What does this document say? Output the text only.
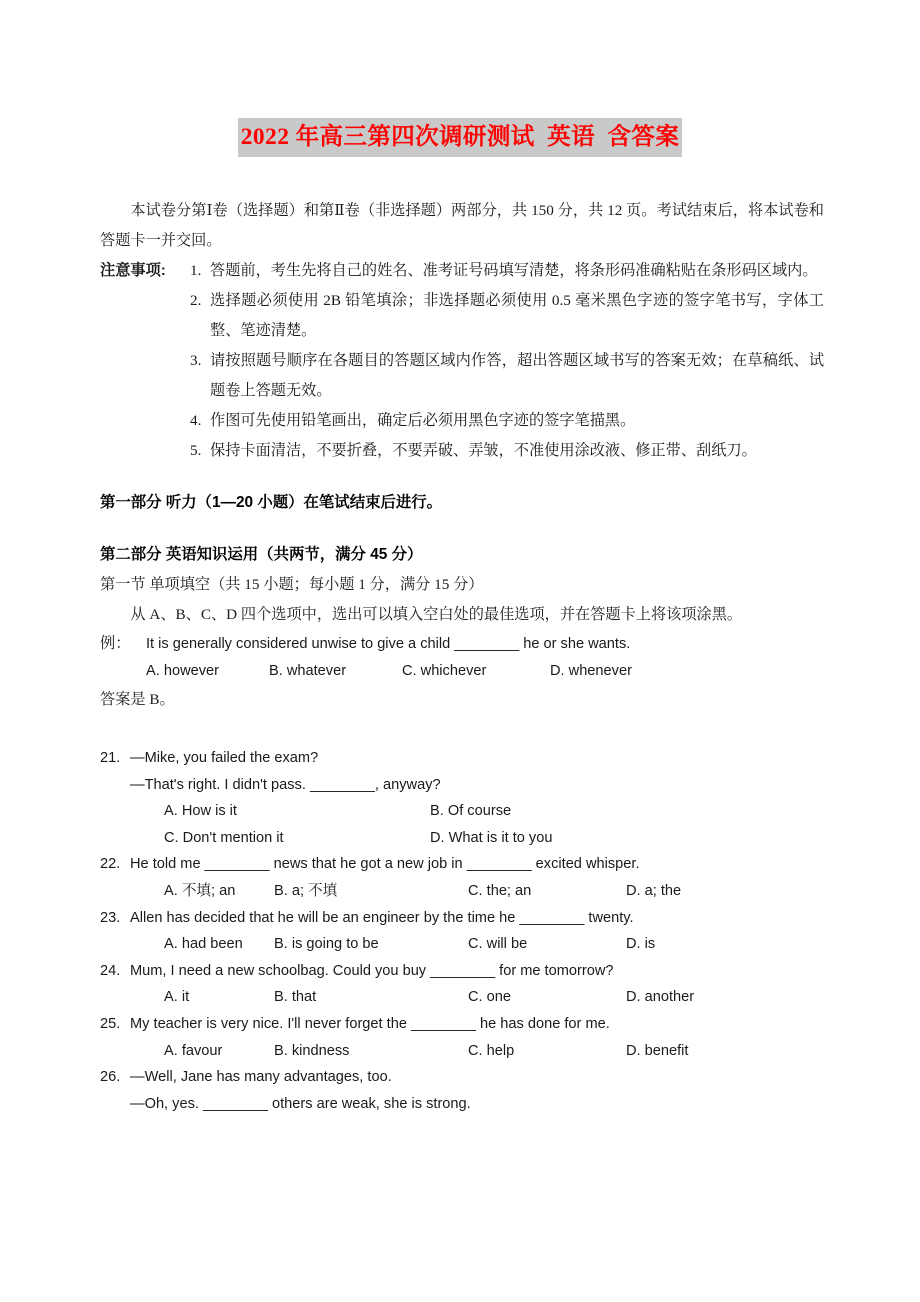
2022 年高三第四次调研测试  英语  含答案
本试卷分第Ⅰ卷（选择题）和第Ⅱ卷（非选择题）两部分，共 150 分，共 12 页。考试结束后，将本试卷和答题卡一并交回。
注意事项:	1. 答题前，考生先将自己的姓名、准考证号码填写清楚，将条形码准确粘贴在条形码区域内。
2. 选择题必须使用 2B 铅笔填涂；非选择题必须使用 0.5 毫米黑色字迹的签字笔书写，字体工整、笔迹清楚。
3. 请按照题号顺序在各题目的答题区域内作答，超出答题区域书写的答案无效；在草稿纸、试题卷上答题无效。
4. 作图可先使用铅笔画出，确定后必须用黑色字迹的签字笔描黑。
5. 保持卡面清洁，不要折叠，不要弄破、弄皱，不准使用涂改液、修正带、刮纸刀。
第一部分 听力（1—20 小题）在笔试结束后进行。
第二部分 英语知识运用（共两节，满分 45 分）
第一节 单项填空（共 15 小题；每小题 1 分，满分 15 分）
从 A、B、C、D 四个选项中，选出可以填入空白处的最佳选项，并在答题卡上将该项涂黑。
例：	It is generally considered unwise to give a child ________ he or she wants.
A. however	B. whatever	C. whichever	D. whenever
答案是 B。
21. —Mike, you failed the exam?
—That's right. I didn't pass. ________, anyway?
A. How is it	B. Of course
C. Don't mention it	D. What is it to you
22. He told me ________ news that he got a new job in ________ excited whisper.
A. 不填; an	B. a; 不填	C. the; an	D. a; the
23. Allen has decided that he will be an engineer by the time he ________ twenty.
A. had been	B. is going to be	C. will be	D. is
24. Mum, I need a new schoolbag. Could you buy ________ for me tomorrow?
A. it	B. that	C. one	D. another
25. My teacher is very nice. I'll never forget the ________ he has done for me.
A. favour	B. kindness	C. help	D. benefit
26. —Well, Jane has many advantages, too.
—Oh, yes. ________ others are weak, she is strong.
